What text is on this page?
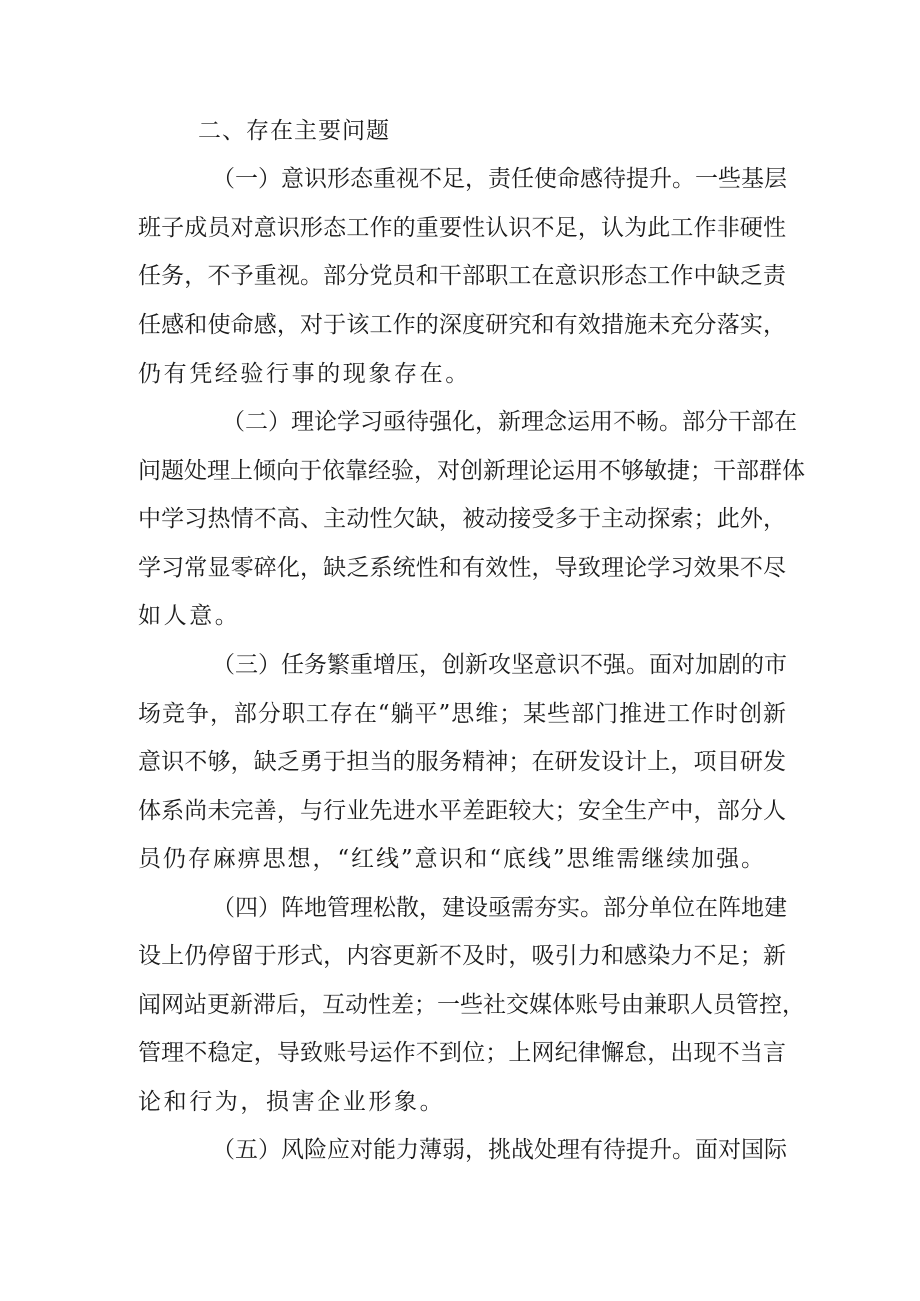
二、存在主要问题
（一）意识形态重视不足，责任使命感待提升。一些基层
班子成员对意识形态工作的重要性认识不足，认为此工作非硬性
任务，不予重视。部分党员和干部职工在意识形态工作中缺乏责
任感和使命感，对于该工作的深度研究和有效措施未充分落实，
仍有凭经验行事的现象存在。
（二）理论学习亟待强化，新理念运用不畅。部分干部在
问题处理上倾向于依靠经验，对创新理论运用不够敏捷；干部群体
中学习热情不高、主动性欠缺，被动接受多于主动探索；此外，
学习常显零碎化，缺乏系统性和有效性，导致理论学习效果不尽
如人意。
（三）任务繁重增压，创新攻坚意识不强。面对加剧的市
场竞争，部分职工存在“躺平”思维；某些部门推进工作时创新
意识不够，缺乏勇于担当的服务精神；在研发设计上，项目研发
体系尚未完善，与行业先进水平差距较大；安全生产中，部分人
员仍存麻痹思想，“红线”意识和“底线”思维需继续加强。
（四）阵地管理松散，建设亟需夯实。部分单位在阵地建
设上仍停留于形式，内容更新不及时，吸引力和感染力不足；新
闻网站更新滞后，互动性差；一些社交媒体账号由兼职人员管控，
管理不稳定，导致账号运作不到位；上网纪律懈怠，出现不当言
论和行为，损害企业形象。
（五）风险应对能力薄弱，挑战处理有待提升。面对国际
